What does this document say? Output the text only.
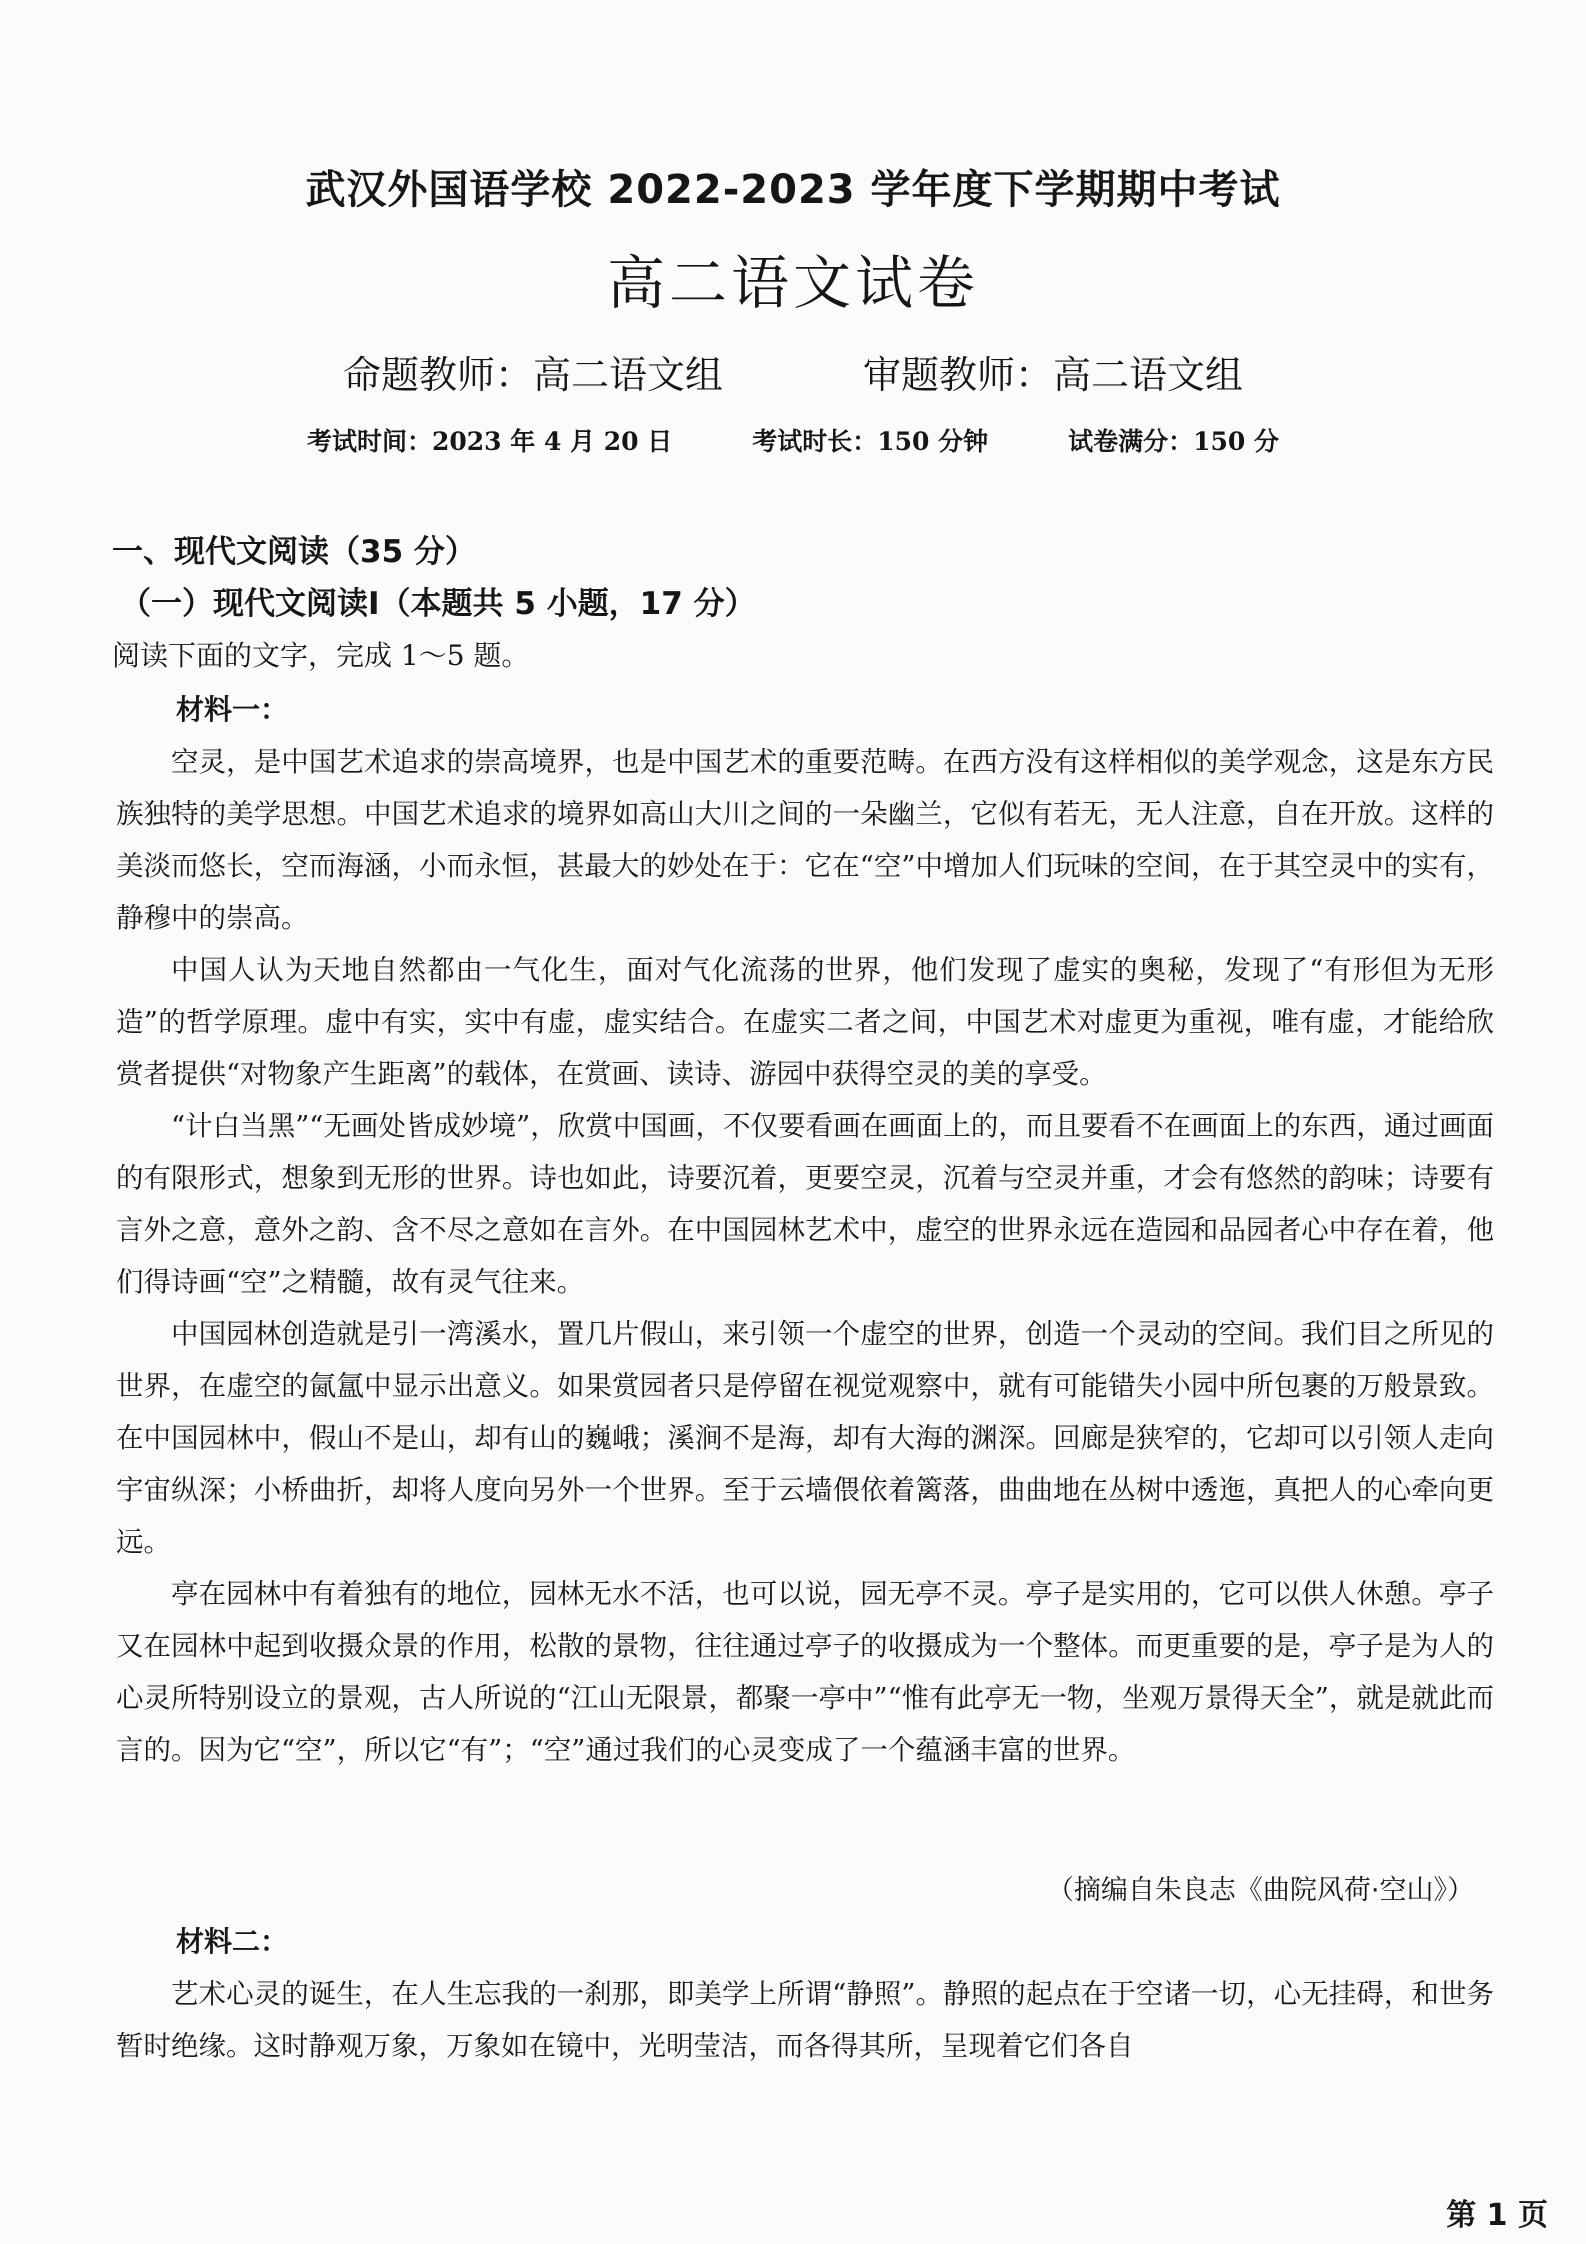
武汉外国语学校 2022-2023 学年度下学期期中考试
高二语文试卷
命题教师：高二语文组	审题教师：高二语文组
考试时间：2023 年 4 月 20 日	考试时长：150 分钟	试卷满分：150 分
一、现代文阅读（35 分）
（一）现代文阅读Ⅰ（本题共 5 小题，17 分）
阅读下面的文字，完成 1～5 题。
材料一：

空灵，是中国艺术追求的崇高境界，也是中国艺术的重要范畴。在西方没有这样相似的美学观念，这是东方民族独特的美学思想。中国艺术追求的境界如高山大川之间的一朵幽兰，它似有若无，无人注意，自在开放。这样的美淡而悠长，空而海涵，小而永恒，甚最大的妙处在于：它在“空”中增加人们玩味的空间，在于其空灵中的实有，静穆中的崇高。

中国人认为天地自然都由一气化生，面对气化流荡的世界，他们发现了虚实的奥秘，发现了“有形但为无形造”的哲学原理。虚中有实，实中有虚，虚实结合。在虚实二者之间，中国艺术对虚更为重视，唯有虚，才能给欣赏者提供“对物象产生距离”的载体，在赏画、读诗、游园中获得空灵的美的享受。

“计白当黑”“无画处皆成妙境”，欣赏中国画，不仅要看画在画面上的，而且要看不在画面上的东西，通过画面的有限形式，想象到无形的世界。诗也如此，诗要沉着，更要空灵，沉着与空灵并重，才会有悠然的韵味；诗要有言外之意，意外之韵、含不尽之意如在言外。在中国园林艺术中，虚空的世界永远在造园和品园者心中存在着，他们得诗画“空”之精髓，故有灵气往来。

中国园林创造就是引一湾溪水，置几片假山，来引领一个虚空的世界，创造一个灵动的空间。我们目之所见的世界，在虚空的氤氲中显示出意义。如果赏园者只是停留在视觉观察中，就有可能错失小园中所包裹的万般景致。在中国园林中，假山不是山，却有山的巍峨；溪涧不是海，却有大海的渊深。回廊是狭窄的，它却可以引领人走向宇宙纵深；小桥曲折，却将人度向另外一个世界。至于云墙偎依着篱落，曲曲地在丛树中透迤，真把人的心牵向更远。

亭在园林中有着独有的地位，园林无水不活，也可以说，园无亭不灵。亭子是实用的，它可以供人休憩。亭子又在园林中起到收摄众景的作用，松散的景物，往往通过亭子的收摄成为一个整体。而更重要的是，亭子是为人的心灵所特别设立的景观，古人所说的“江山无限景，都聚一亭中”“惟有此亭无一物，坐观万景得天全”，就是就此而言的。因为它“空”，所以它“有”；“空”通过我们的心灵变成了一个蕴涵丰富的世界。

（摘编自朱良志《曲院风荷·空山》）
材料二：

艺术心灵的诞生，在人生忘我的一刹那，即美学上所谓“静照”。静照的起点在于空诸一切，心无挂碍，和世务暂时绝缘。这时静观万象，万象如在镜中，光明莹洁，而各得其所，呈现着它们各自

第 1 页
